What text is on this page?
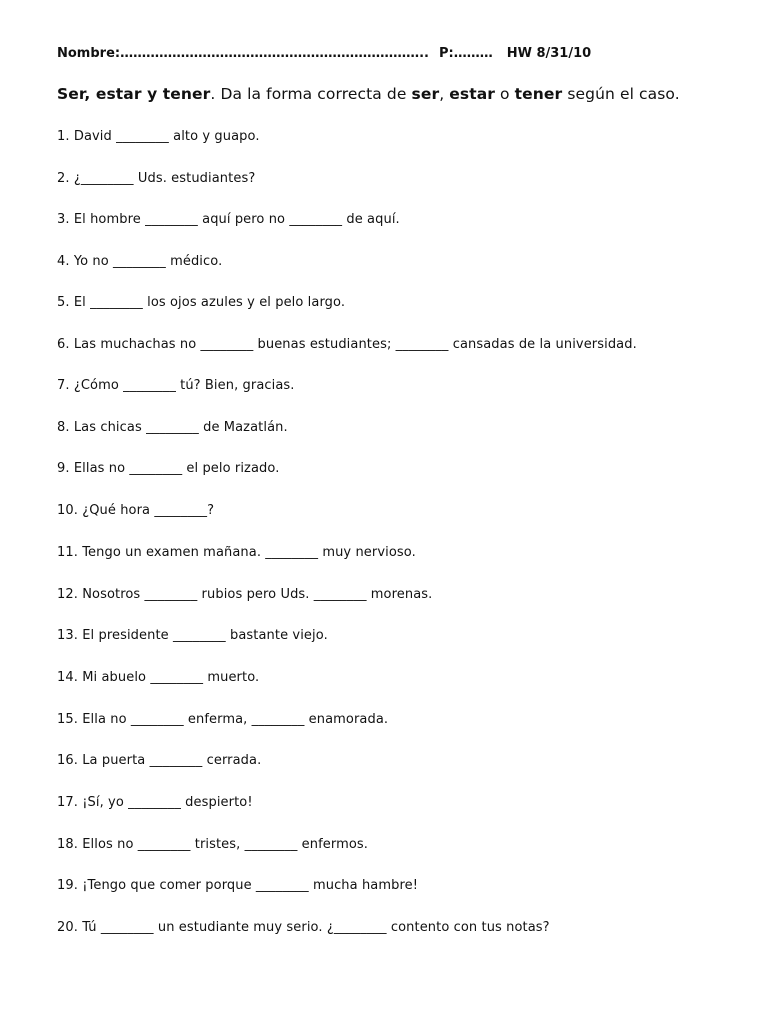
Nombre:…………………………………………………………….. P:……… HW 8/31/10
Ser, estar y tener. Da la forma correcta de ser, estar o tener según el caso.
1. David ________ alto y guapo.
2. ¿________ Uds. estudiantes?
3. El hombre ________ aquí pero no ________ de aquí.
4. Yo no ________ médico.
5. El ________ los ojos azules y el pelo largo.
6. Las muchachas no ________ buenas estudiantes; ________ cansadas de la universidad.
7. ¿Cómo ________ tú? Bien, gracias.
8. Las chicas ________ de Mazatlán.
9. Ellas no ________ el pelo rizado.
10. ¿Qué hora ________?
11. Tengo un examen mañana. ________ muy nervioso.
12. Nosotros ________ rubios pero Uds. ________ morenas.
13. El presidente ________ bastante viejo.
14. Mi abuelo ________ muerto.
15. Ella no ________ enferma, ________ enamorada.
16. La puerta ________ cerrada.
17. ¡Sí, yo ________ despierto!
18. Ellos no ________ tristes, ________ enfermos.
19. ¡Tengo que comer porque ________ mucha hambre!
20. Tú ________ un estudiante muy serio. ¿________ contento con tus notas?
